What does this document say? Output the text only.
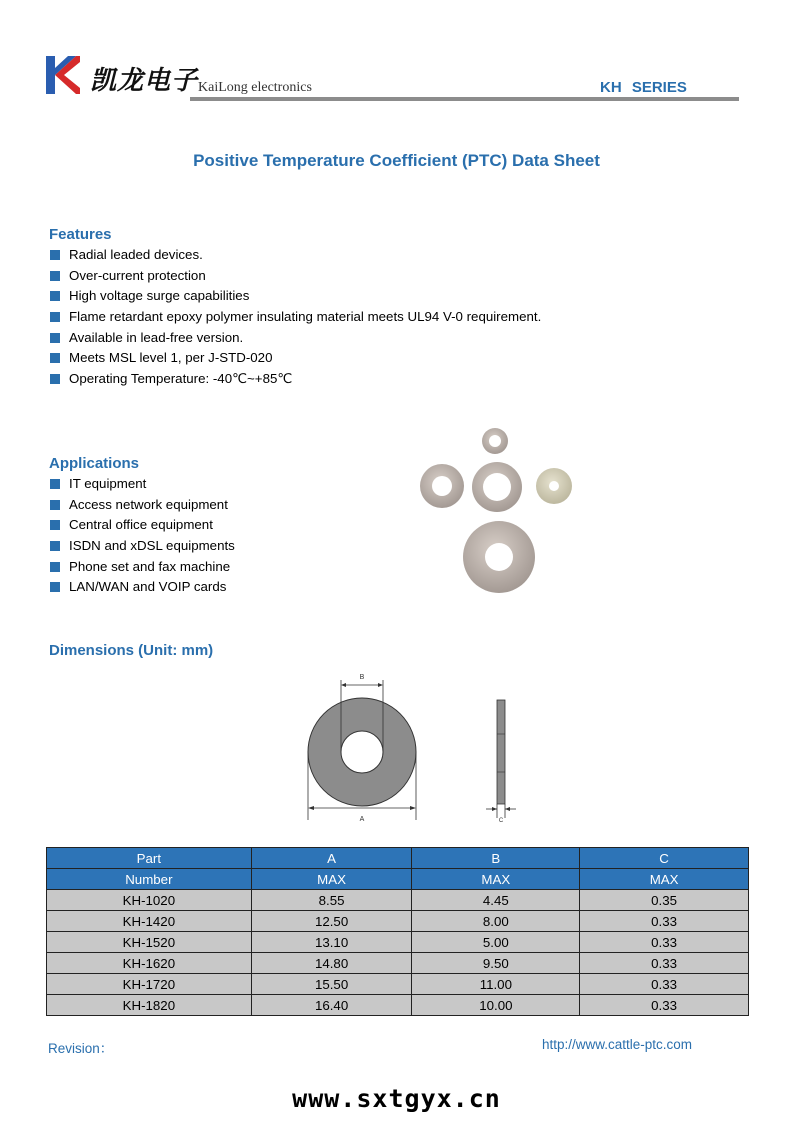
凯龙电子 KaiLong electronics	KH SERIES
Positive Temperature Coefficient (PTC) Data Sheet
Features
Radial leaded devices.
Over-current protection
High voltage surge capabilities
Flame retardant epoxy polymer insulating material meets UL94 V-0 requirement.
Available in lead-free version.
Meets MSL level 1, per J-STD-020
Operating Temperature: -40℃~+85℃
Applications
IT equipment
Access network equipment
Central office equipment
ISDN and xDSL equipments
Phone set and fax machine
LAN/WAN and VOIP cards
Dimensions (Unit: mm)
B
A	C
Part	A	B	C
Number	MAX	MAX	MAX
KH-1020	8.55	4.45	0.35
KH-1420	12.50	8.00	0.33
KH-1520	13.10	5.00	0.33
KH-1620	14.80	9.50	0.33
KH-1720	15.50	11.00	0.33
KH-1820	16.40	10.00	0.33
Revision：	http://www.cattle-ptc.com
www.sxtgyx.cn
